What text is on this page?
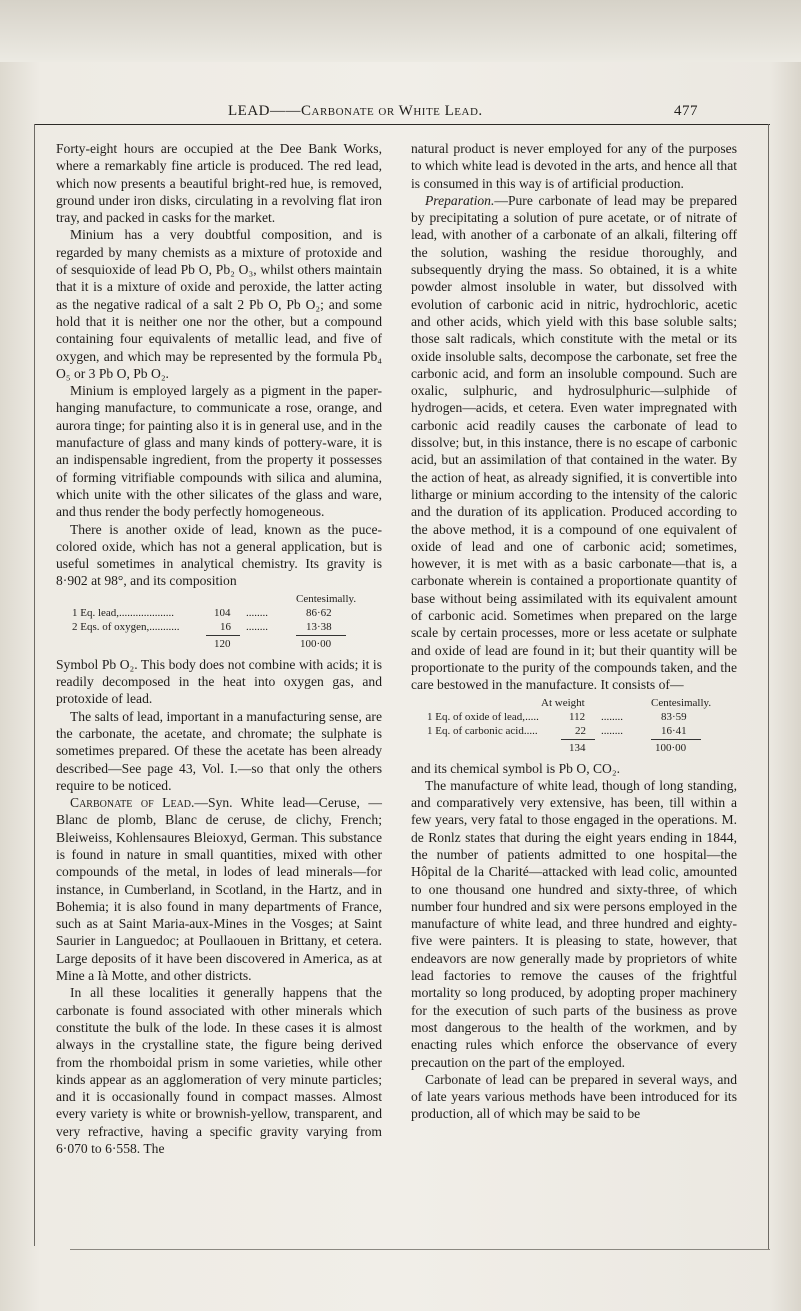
LEAD——Carbonate or White Lead.	477

Forty-eight hours are occupied at the Dee Bank Works, where a remarkably fine article is produced. The red lead, which now presents a beautiful bright-red hue, is removed, ground under iron disks, circulating in a revolving flat iron tray, and packed in casks for the market.

Minium has a very doubtful composition, and is regarded by many chemists as a mixture of protoxide and of sesquioxide of lead Pb O, Pb₂ O₃, whilst others maintain that it is a mixture of oxide and peroxide, the latter acting as the negative radical of a salt 2 Pb O, Pb O₂; and some hold that it is neither one nor the other, but a compound containing four equivalents of metallic lead, and five of oxygen, and which may be represented by the formula Pb₄ O₅ or 3 Pb O, Pb O₂.

Minium is employed largely as a pigment in the paper-hanging manufacture, to communicate a rose, orange, and aurora tinge; for painting also it is in general use, and in the manufacture of glass and many kinds of pottery-ware, it is an indispensable ingredient, from the property it possesses of forming vitrifiable compounds with silica and alumina, which unite with the other silicates of the glass and ware, and thus render the body perfectly homogeneous.

There is another oxide of lead, known as the puce-colored oxide, which has not a general application, but is useful sometimes in analytical chemistry. Its gravity is 8·902 at 98°, and its composition

Centesimally.
1 Eq. lead,....................	104 ........	86·62
2 Eqs. of oxygen,...........	16 ........	13·38
120	100·00

Symbol Pb O₂. This body does not combine with acids; it is readily decomposed in the heat into oxygen gas, and protoxide of lead.

The salts of lead, important in a manufacturing sense, are the carbonate, the acetate, and chromate; the sulphate is sometimes prepared. Of these the acetate has been already described—See page 43, Vol. I.—so that only the others require to be noticed.

Carbonate of Lead.—Syn. White lead—Ceruse, —Blanc de plomb, Blanc de ceruse, de clichy, French; Bleiweiss, Kohlensaures Bleioxyd, German. This substance is found in nature in small quantities, mixed with other compounds of the metal, in lodes of lead minerals—for instance, in Cumberland, in Scotland, in the Hartz, and in Bohemia; it is also found in many departments of France, such as at Saint Maria-aux-Mines in the Vosges; at Saint Saurier in Languedoc; at Poullaouen in Brittany, et cetera. Large deposits of it have been discovered in America, as at Mine a Ià Motte, and other districts.

In all these localities it generally happens that the carbonate is found associated with other minerals which constitute the bulk of the lode. In these cases it is almost always in the crystalline state, the figure being derived from the rhomboidal prism in some varieties, while other kinds appear as an agglomeration of very minute particles; and it is occasionally found in compact masses. Almost every variety is white or brownish-yellow, transparent, and very refractive, having a specific gravity varying from 6·070 to 6·558. The

natural product is never employed for any of the purposes to which white lead is devoted in the arts, and hence all that is consumed in this way is of artificial production.

Preparation.—Pure carbonate of lead may be prepared by precipitating a solution of pure acetate, or of nitrate of lead, with another of a carbonate of an alkali, filtering off the solution, washing the residue thoroughly, and subsequently drying the mass. So obtained, it is a white powder almost insoluble in water, but dissolved with evolution of carbonic acid in nitric, hydrochloric, acetic and other acids, which yield with this base soluble salts; those salt radicals, which constitute with the metal or its oxide insoluble salts, decompose the carbonate, set free the carbonic acid, and form an insoluble compound. Such are oxalic, sulphuric, and hydrosulphuric—sulphide of hydrogen—acids, et cetera. Even water impregnated with carbonic acid readily causes the carbonate of lead to dissolve; but, in this instance, there is no escape of carbonic acid, but an assimilation of that contained in the water. By the action of heat, as already signified, it is convertible into litharge or minium according to the intensity of the caloric and the duration of its application. Produced according to the above method, it is a compound of one equivalent of oxide of lead and one of carbonic acid; sometimes, however, it is met with as a basic carbonate—that is, a carbonate wherein is contained a proportionate quantity of base without being assimilated with its equivalent amount of carbonic acid. Sometimes when prepared on the large scale by certain processes, more or less acetate or sulphate and oxide of lead are found in it; but their quantity will be proportionate to the purity of the compounds taken, and the care bestowed in the manufacture. It consists of—

At weight	Centesimally.
1 Eq. of oxide of lead,.....	112 ........	83·59
1 Eq. of carbonic acid.....	22 ........	16·41
134	100·00

and its chemical symbol is Pb O, CO₂.

The manufacture of white lead, though of long standing, and comparatively very extensive, has been, till within a few years, very fatal to those engaged in the operations. M. de Ronlz states that during the eight years ending in 1844, the number of patients admitted to one hospital—the Hôpital de la Charité—attacked with lead colic, amounted to one thousand one hundred and sixty-three, of which number four hundred and six were persons employed in the manufacture of white lead, and three hundred and eighty-five were painters. It is pleasing to state, however, that endeavors are now generally made by proprietors of white lead factories to remove the causes of the frightful mortality so long produced, by adopting proper machinery for the execution of such parts of the business as prove most dangerous to the health of the workmen, and by enacting rules which enforce the observance of every precaution on the part of the employed.

Carbonate of lead can be prepared in several ways, and of late years various methods have been introduced for its production, all of which may be said to be
